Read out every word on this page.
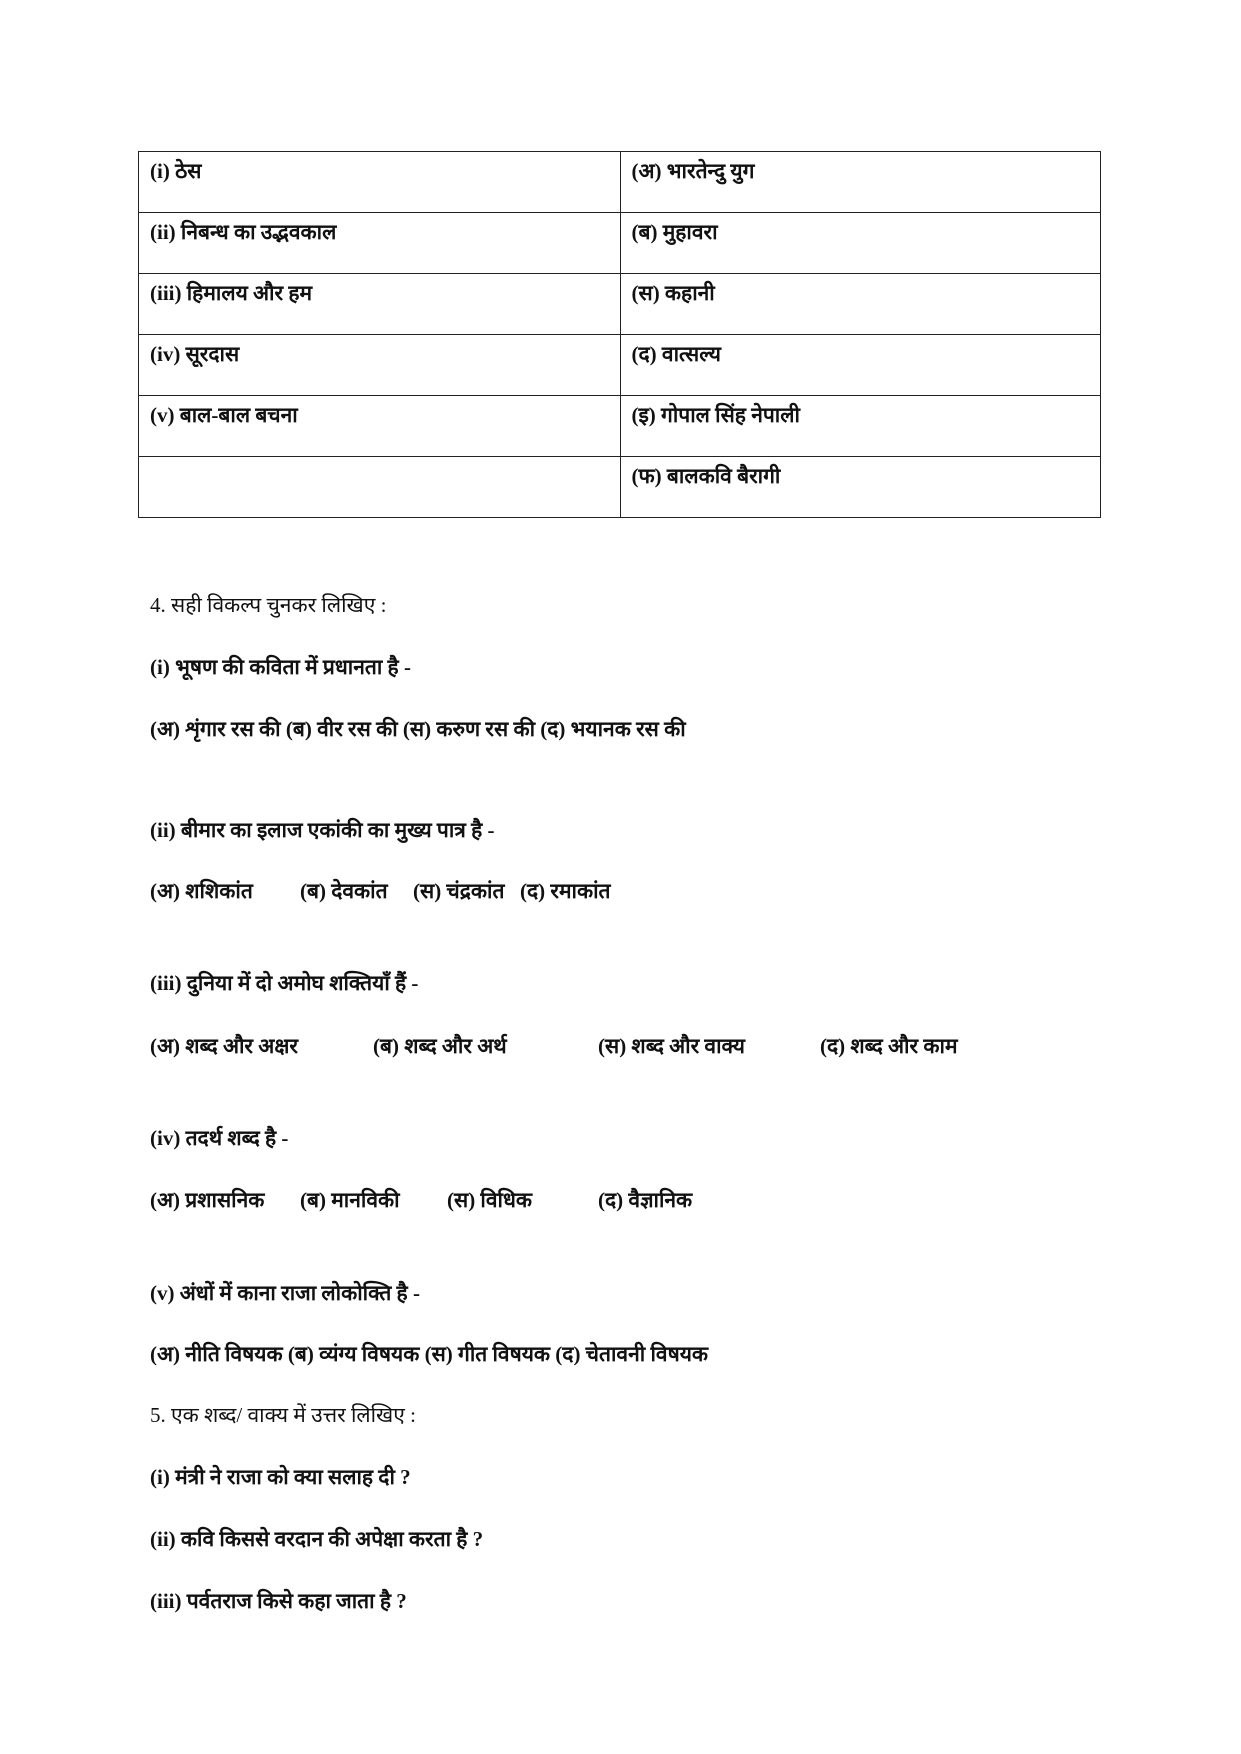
(i) ठेस	(अ) भारतेन्दु युग
(ii) निबन्ध का उद्भवकाल	(ब) मुहावरा
(iii) हिमालय और हम	(स) कहानी
(iv) सूरदास	(द) वात्सल्य
(v) बाल-बाल बचना	(इ) गोपाल सिंह नेपाली
	(फ) बालकवि बैरागी
4. सही विकल्प चुनकर लिखिए :
(i) भूषण की कविता में प्रधानता है -
(अ) शृंगार रस की (ब) वीर रस की (स) करुण रस की (द) भयानक रस की
(ii) बीमार का इलाज एकांकी का मुख्य पात्र है -
(अ) शशिकांत (ब) देवकांत (स) चंद्रकांत (द) रमाकांत
(iii) दुनिया में दो अमोघ शक्तियाँ हैं -
(अ) शब्द और अक्षर	(ब) शब्द और अर्थ	(स) शब्द और वाक्य	(द) शब्द और काम
(iv) तदर्थ शब्द है -
(अ) प्रशासनिक (ब) मानविकी (स) विधिक	(द) वैज्ञानिक
(v) अंधों में काना राजा लोकोक्ति है -
(अ) नीति विषयक (ब) व्यंग्य विषयक (स) गीत विषयक (द) चेतावनी विषयक
5. एक शब्द/ वाक्य में उत्तर लिखिए :
(i) मंत्री ने राजा को क्या सलाह दी ?
(ii) कवि किससे वरदान की अपेक्षा करता है ?
(iii) पर्वतराज किसे कहा जाता है ?
